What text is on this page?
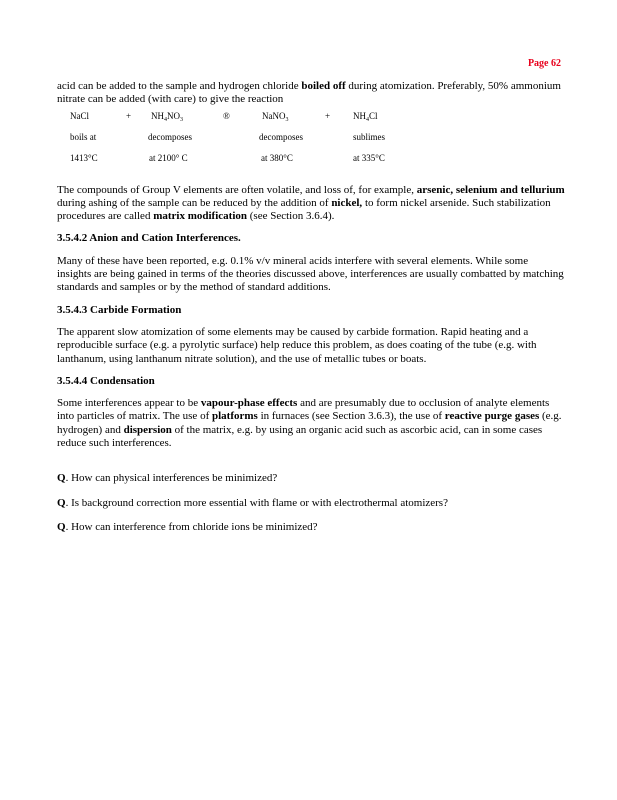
Page 62

acid can be added to the sample and hydrogen chloride boiled off during atomization. Preferably, 50% ammonium nitrate can be added (with care) to give the reaction

NaCl	+ $NH_4NO_3$	®	NaNO$_3$	+	$NH_4Cl$
boils at	decomposes	decomposes	sublimes
1413°C	at 2100° C	at 380°C	at 335°C

The compounds of Group V elements are often volatile, and loss of, for example, arsenic, selenium and tellurium during ashing of the sample can be reduced by the addition of nickel, to form nickel arsenide. Such stabilization procedures are called matrix modification (see Section 3.6.4).

3.5.4.2 Anion and Cation Interferences.

Many of these have been reported, e.g. 0.1% v/v mineral acids interfere with several elements. While some insights are being gained in terms of the theories discussed above, interferences are usually combatted by matching standards and samples or by the method of standard additions.

3.5.4.3 Carbide Formation

The apparent slow atomization of some elements may be caused by carbide formation. Rapid heating and a reproducible surface (e.g. a pyrolytic surface) help reduce this problem, as does coating of the tube (e.g. with lanthanum, using lanthanum nitrate solution), and the use of metallic tubes or boats.

3.5.4.4 Condensation

Some interferences appear to be vapour-phase effects and are presumably due to occlusion of analyte elements into particles of matrix. The use of platforms in furnaces (see Section 3.6.3), the use of reactive purge gases (e.g. hydrogen) and dispersion of the matrix, e.g. by using an organic acid such as ascorbic acid, can in some cases reduce such interferences.

Q. How can physical interferences be minimized?

Q. Is background correction more essential with flame or with electrothermal atomizers?

Q. How can interference from chloride ions be minimized?
